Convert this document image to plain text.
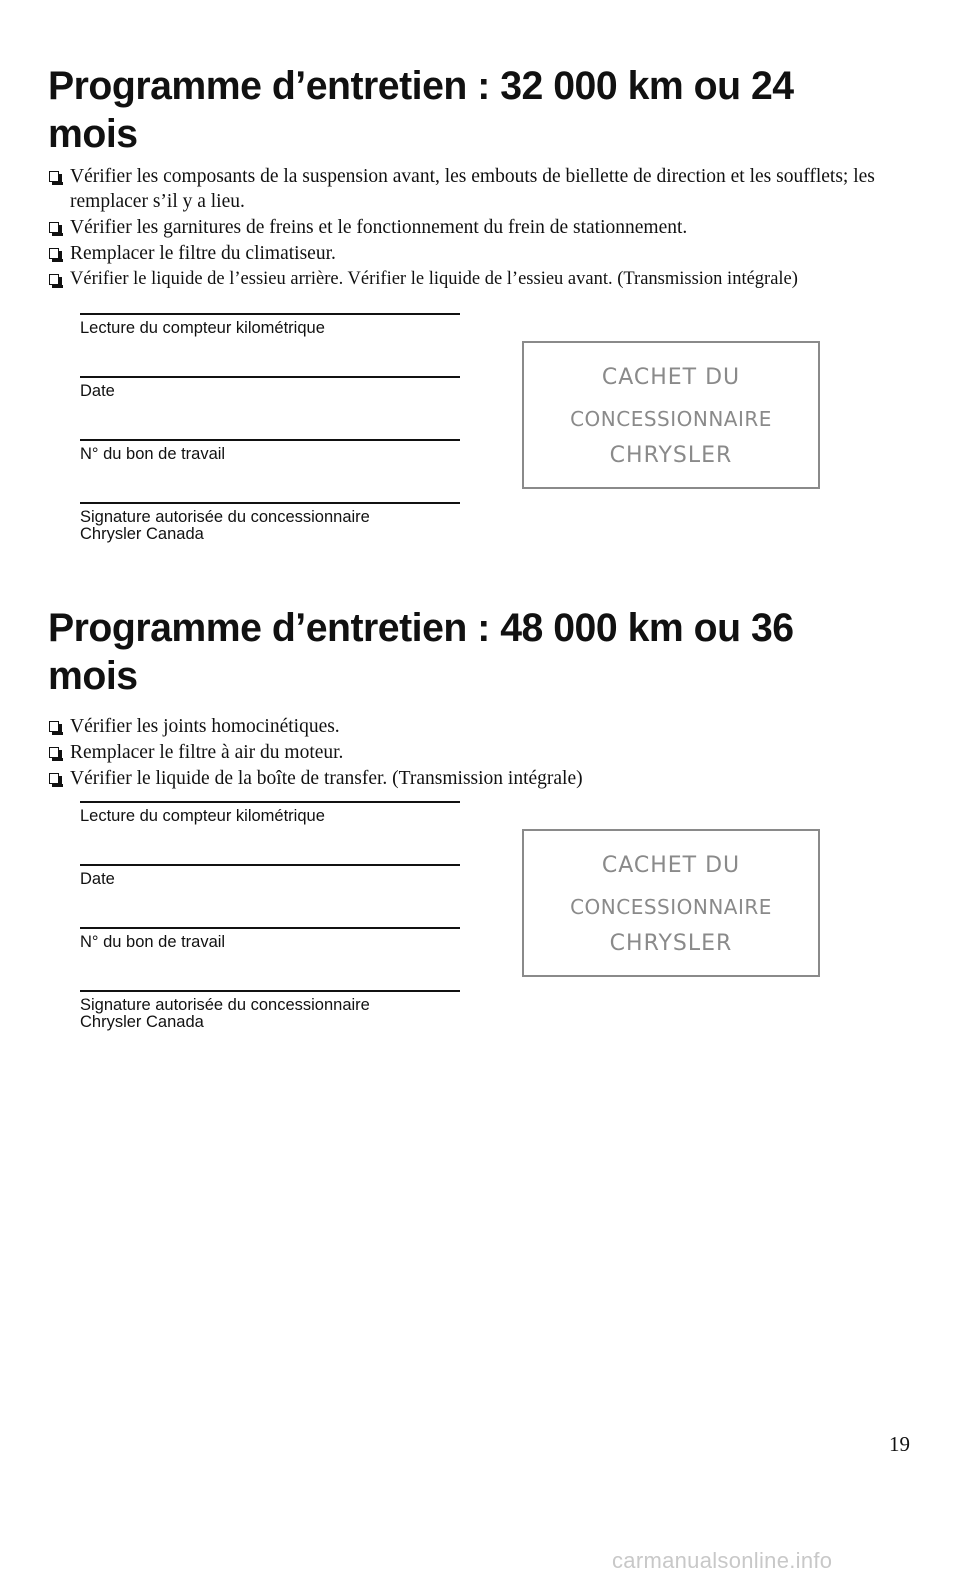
Programme d’entretien : 32 000 km ou 24 mois
Vérifier les composants de la suspension avant, les embouts de biellette de direction et les soufflets; les remplacer s’il y a lieu.
Vérifier les garnitures de freins et le fonctionnement du frein de stationnement.
Remplacer le filtre du climatiseur.
Vérifier le liquide de l’essieu arrière. Vérifier le liquide de l’essieu avant. (Transmission intégrale)
Lecture du compteur kilométrique
Date
N° du bon de travail
Signature autorisée du concessionnaire
Chrysler Canada
CACHET DU
CONCESSIONNAIRE
CHRYSLER
Programme d’entretien : 48 000 km ou 36 mois
Vérifier les joints homocinétiques.
Remplacer le filtre à air du moteur.
Vérifier le liquide de la boîte de transfer. (Transmission intégrale)
Lecture du compteur kilométrique
Date
N° du bon de travail
Signature autorisée du concessionnaire
Chrysler Canada
CACHET DU
CONCESSIONNAIRE
CHRYSLER
19
carmanualsonline.info
